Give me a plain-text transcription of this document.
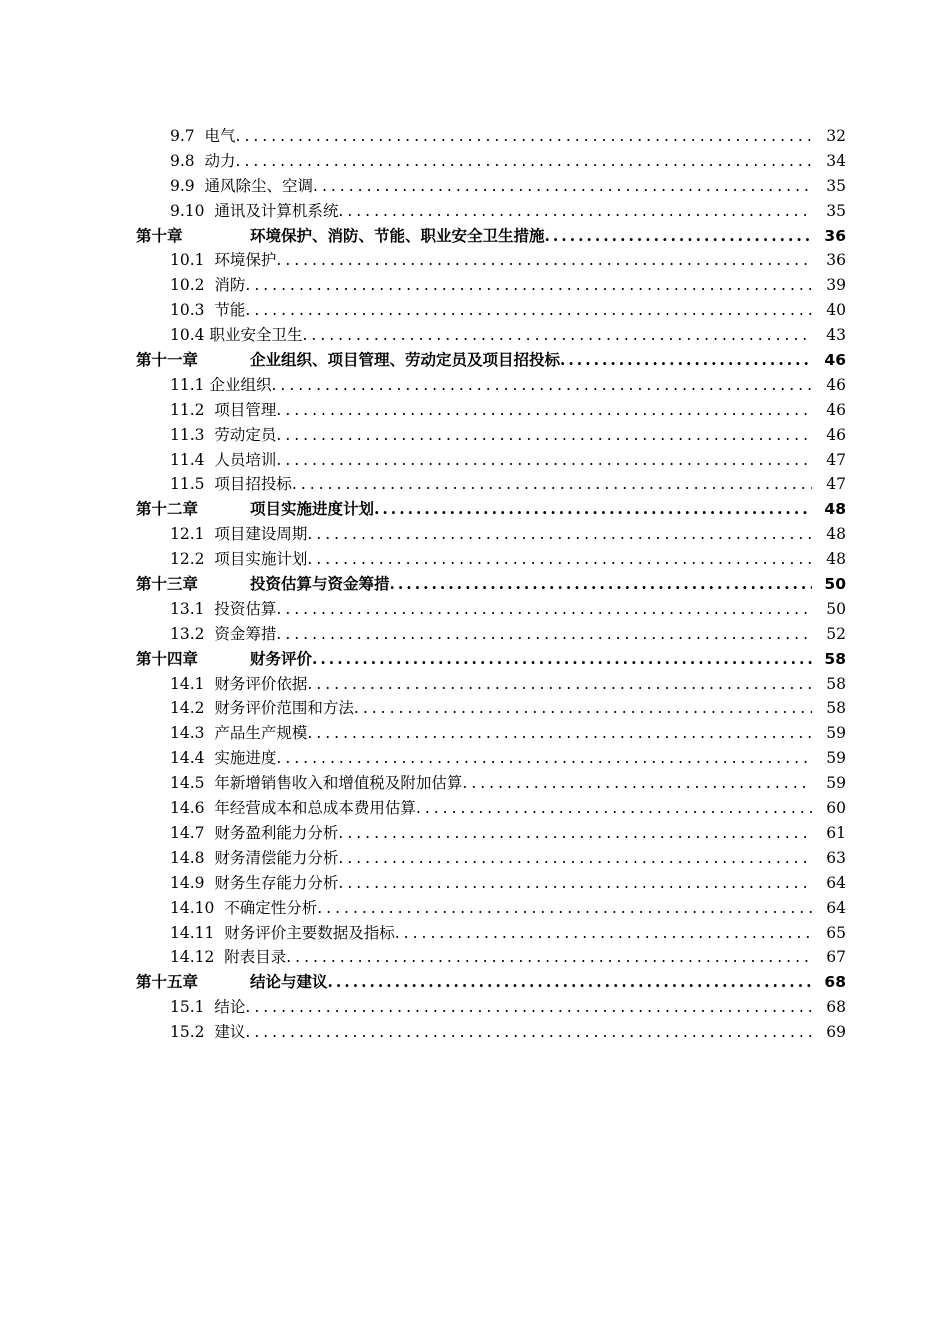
9.7 电气 .....	32
9.8 动力 .....	34
9.9 通风除尘、空调 .....	35
9.10 通讯及计算机系统 .....	35
第十章	环境保护、消防、节能、职业安全卫生措施 .....	36
10.1 环境保护 .....	36
10.2 消防 .....	39
10.3 节能 .....	40
10.4 职业安全卫生 .....	43
第十一章	企业组织、项目管理、劳动定员及项目招投标 .....	46
11.1 企业组织 .....	46
11.2 项目管理 .....	46
11.3 劳动定员 .....	46
11.4 人员培训 .....	47
11.5 项目招投标 .....	47
第十二章	项目实施进度计划 .....	48
12.1 项目建设周期 .....	48
12.2 项目实施计划 .....	48
第十三章	投资估算与资金筹措 .....	50
13.1 投资估算 .....	50
13.2 资金筹措 .....	52
第十四章	财务评价 .....	58
14.1 财务评价依据 .....	58
14.2 财务评价范围和方法 .....	58
14.3 产品生产规模 .....	59
14.4 实施进度 .....	59
14.5 年新增销售收入和增值税及附加估算 .....	59
14.6 年经营成本和总成本费用估算 .....	60
14.7 财务盈利能力分析 .....	61
14.8 财务清偿能力分析 .....	63
14.9 财务生存能力分析 .....	64
14.10 不确定性分析 .....	64
14.11 财务评价主要数据及指标 .....	65
14.12 附表目录 .....	67
第十五章	结论与建议 .....	68
15.1 结论 .....	68
15.2 建议 .....	69
